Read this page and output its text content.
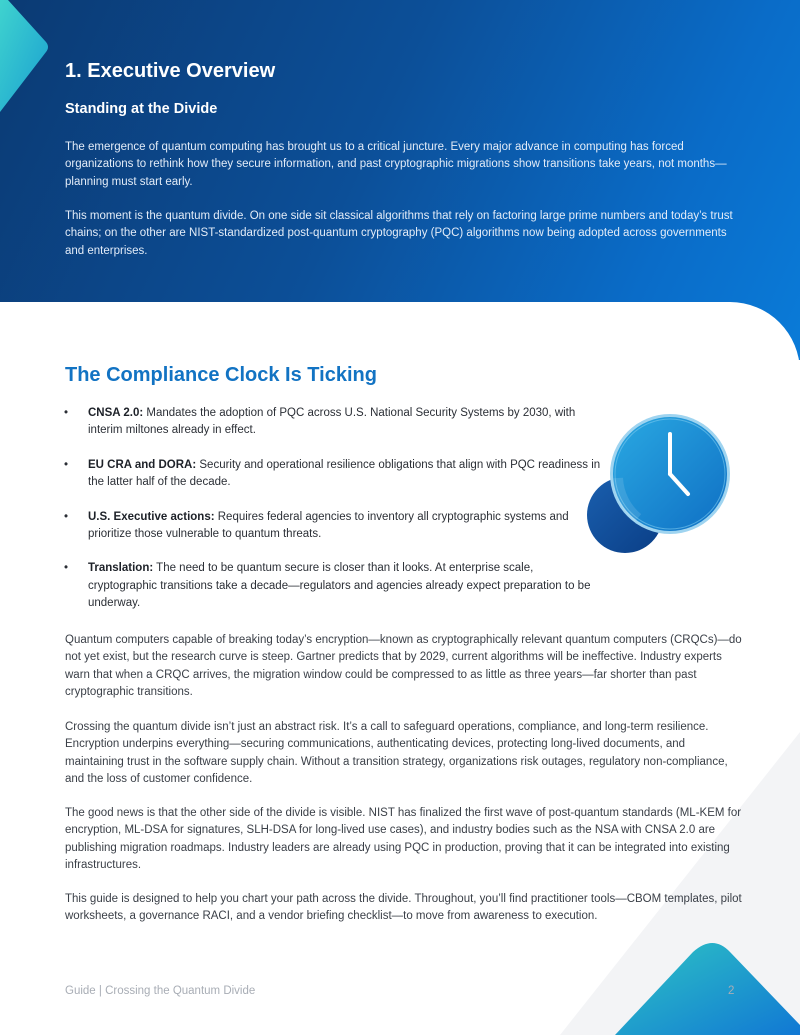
1. Executive Overview
Standing at the Divide

The emergence of quantum computing has brought us to a critical juncture. Every major advance in computing has forced organizations to rethink how they secure information, and past cryptographic migrations show transitions take years, not months—planning must start early.

This moment is the quantum divide. On one side sit classical algorithms that rely on factoring large prime numbers and today’s trust chains; on the other are NIST-standardized post-quantum cryptography (PQC) algorithms now being adopted across governments and enterprises.

The Compliance Clock Is Ticking
• CNSA 2.0: Mandates the adoption of PQC across U.S. National Security Systems by 2030, with interim miltones already in effect.
• EU CRA and DORA: Security and operational resilience obligations that align with PQC readiness in the latter half of the decade.
• U.S. Executive actions: Requires federal agencies to inventory all cryptographic systems and prioritize those vulnerable to quantum threats.
• Translation: The need to be quantum secure is closer than it looks. At enterprise scale, cryptographic transitions take a decade—regulators and agencies already expect preparation to be underway.

Quantum computers capable of breaking today’s encryption—known as cryptographically relevant quantum computers (CRQCs)—do not yet exist, but the research curve is steep. Gartner predicts that by 2029, current algorithms will be ineffective. Industry experts warn that when a CRQC arrives, the migration window could be compressed to as little as three years—far shorter than past cryptographic transitions.

Crossing the quantum divide isn’t just an abstract risk. It’s a call to safeguard operations, compliance, and long-term resilience. Encryption underpins everything—securing communications, authenticating devices, protecting long-lived documents, and maintaining trust in the software supply chain. Without a transition strategy, organizations risk outages, regulatory non-compliance, and the loss of customer confidence.

The good news is that the other side of the divide is visible. NIST has finalized the first wave of post-quantum standards (ML-KEM for encryption, ML-DSA for signatures, SLH-DSA for long-lived use cases), and industry bodies such as the NSA with CNSA 2.0 are publishing migration roadmaps. Industry leaders are already using PQC in production, proving that it can be integrated into existing infrastructures.

This guide is designed to help you chart your path across the divide. Throughout, you’ll find practitioner tools—CBOM templates, pilot worksheets, a governance RACI, and a vendor briefing checklist—to move from awareness to execution.

Guide | Crossing the Quantum Divide	2
